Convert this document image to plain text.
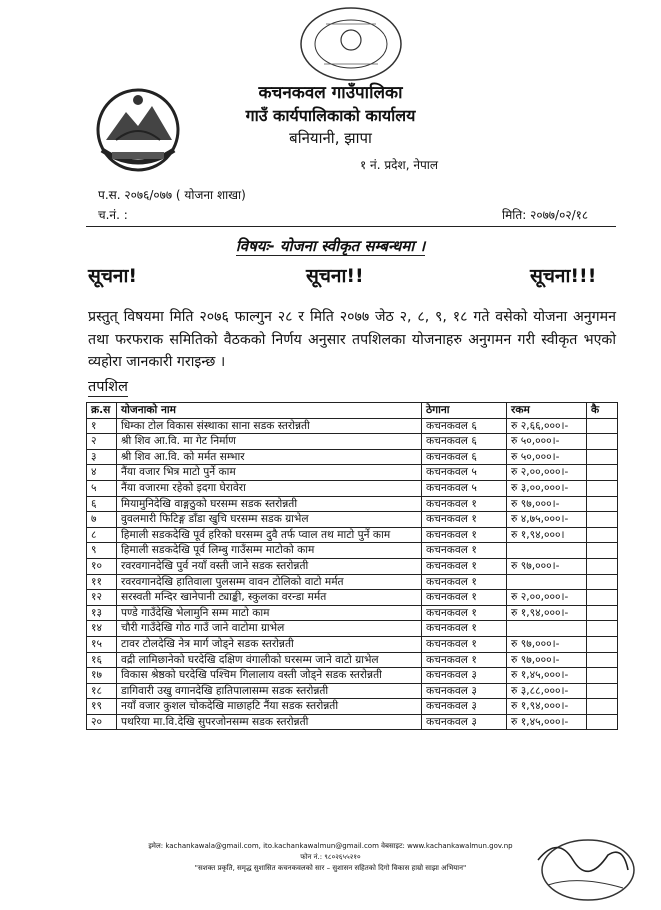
कचनकवल गाउँपालिका
गाउँ कार्यपालिकाको कार्यालय
बनियानी, झापा
१ नं. प्रदेश, नेपाल
प.स. २०७६/०७७ ( योजना शाखा)
च.नं. :	मिति: २०७७/०२/१८
विषयः- योजना स्वीकृत सम्बन्धमा ।
सूचना!	सूचना!!	सूचना!!!
प्रस्तुत् विषयमा मिति २०७६ फाल्गुन २८ र मिति २०७७ जेठ २, ८, ९, १८ गते वसेको योजना अनुगमन तथा फरफराक समितिको वैठकको निर्णय अनुसार तपशिलका योजनाहरु अनुगमन गरी स्वीकृत भएको व्यहोरा जानकारी गराइन्छ ।
तपशिल
क्र.स	योजनाको नाम	ठेगाना	रकम	कै
१	धिम्का टोल विकास संस्थाका साना सडक स्तरोन्नती	कचनकवल ६	रु २,६६,०००।-	
२	श्री शिव आ.वि. मा गेट निर्माण	कचनकवल ६	रु ५०,०००।-	
३	श्री शिव आ.वि. को मर्मत सम्भार	कचनकवल ६	रु ५०,०००।-	
४	नैंया वजार भित्र माटो पुर्ने काम	कचनकवल ५	रु २,००,०००।-	
५	नैंया वजारमा रहेको इदगा घेरावेरा	कचनकवल ५	रु ३,००,०००।-	
६	मियामुनिदेखि वाङ्गठुको घरसम्म सडक स्तरोन्नती	कचनकवल १	रु ९७,०००।-	
७	वुवलमारी फिटिङ्ग डाँडा खुचि घरसम्म सडक ग्राभेल	कचनकवल १	रु ४,७५,०००।-	
८	हिमाली सडकदेखि पूर्व हरिको घरसम्म दुवै तर्फ प्वाल तथ माटो पुर्ने काम	कचनकवल १	रु १,९४,०००।	
९	हिमाली सडकदेखि पूर्व लिम्बु गाउँसम्म माटोको काम	कचनकवल १		
१०	रवरवगानदेखि पुर्व नयाँ वस्ती जाने सडक स्तरोन्नती	कचनकवल १	रु ९७,०००।-	
११	रवरवगानदेखि हातिवाला पुलसम्म वावन टोलिको वाटो मर्मत	कचनकवल १		
१२	सरस्वती मन्दिर खानेपानी ट्याङ्की, स्कुलका वरन्डा मर्मत	कचनकवल १	रु २,००,०००।-	
१३	पण्डे गाउँदेखि भेलामुनि सम्म माटो काम	कचनकवल १	रु १,९४,०००।-	
१४	चौरी गाउँदेखि गोठ गाउँ जाने वाटोमा ग्राभेल	कचनकवल १		
१५	टावर टोलदेखि नेत्र मार्ग जोड्ने सडक स्तरोन्नती	कचनकवल १	रु ९७,०००।-	
१६	वद्री लामिछानेको घरदेखि दक्षिण वंगालीको घरसम्म जाने वाटो ग्राभेल	कचनकवल १	रु ९७,०००।-	
१७	विकास श्रेष्ठको घरदेखि पश्चिम गिलालाय वस्ती जोड्ने सडक स्तरोन्नती	कचनकवल ३	रु १,४५,०००।-	
१८	डागिवारी उखु वगानदेखि हातिपालासम्म सडक स्तरोन्नती	कचनकवल ३	रु ३,८८,०००।-	
१९	नयाँ वजार कुशल चोकदेखि माछाहटि नैंया सडक स्तरोन्नती	कचनकवल ३	रु १,९४,०००।-	
२०	पथरिया मा.वि.देखि सुपरजोनसम्म सडक स्तरोन्नती	कचनकवल ३	रु १,४५,०००।-	
इमेल: kachankawala@gmail.com, ito.kachankawalmun@gmail.com वेबसाइट: www.kachankawalmun.gov.np
फोन नं.: ९८०२६५५२१०
"सशक्त प्रकृति, समृद्ध सुशासित कचनकवलको सार – सुशासन सहितको दिगो विकास हाम्रो साझा अभियान"
